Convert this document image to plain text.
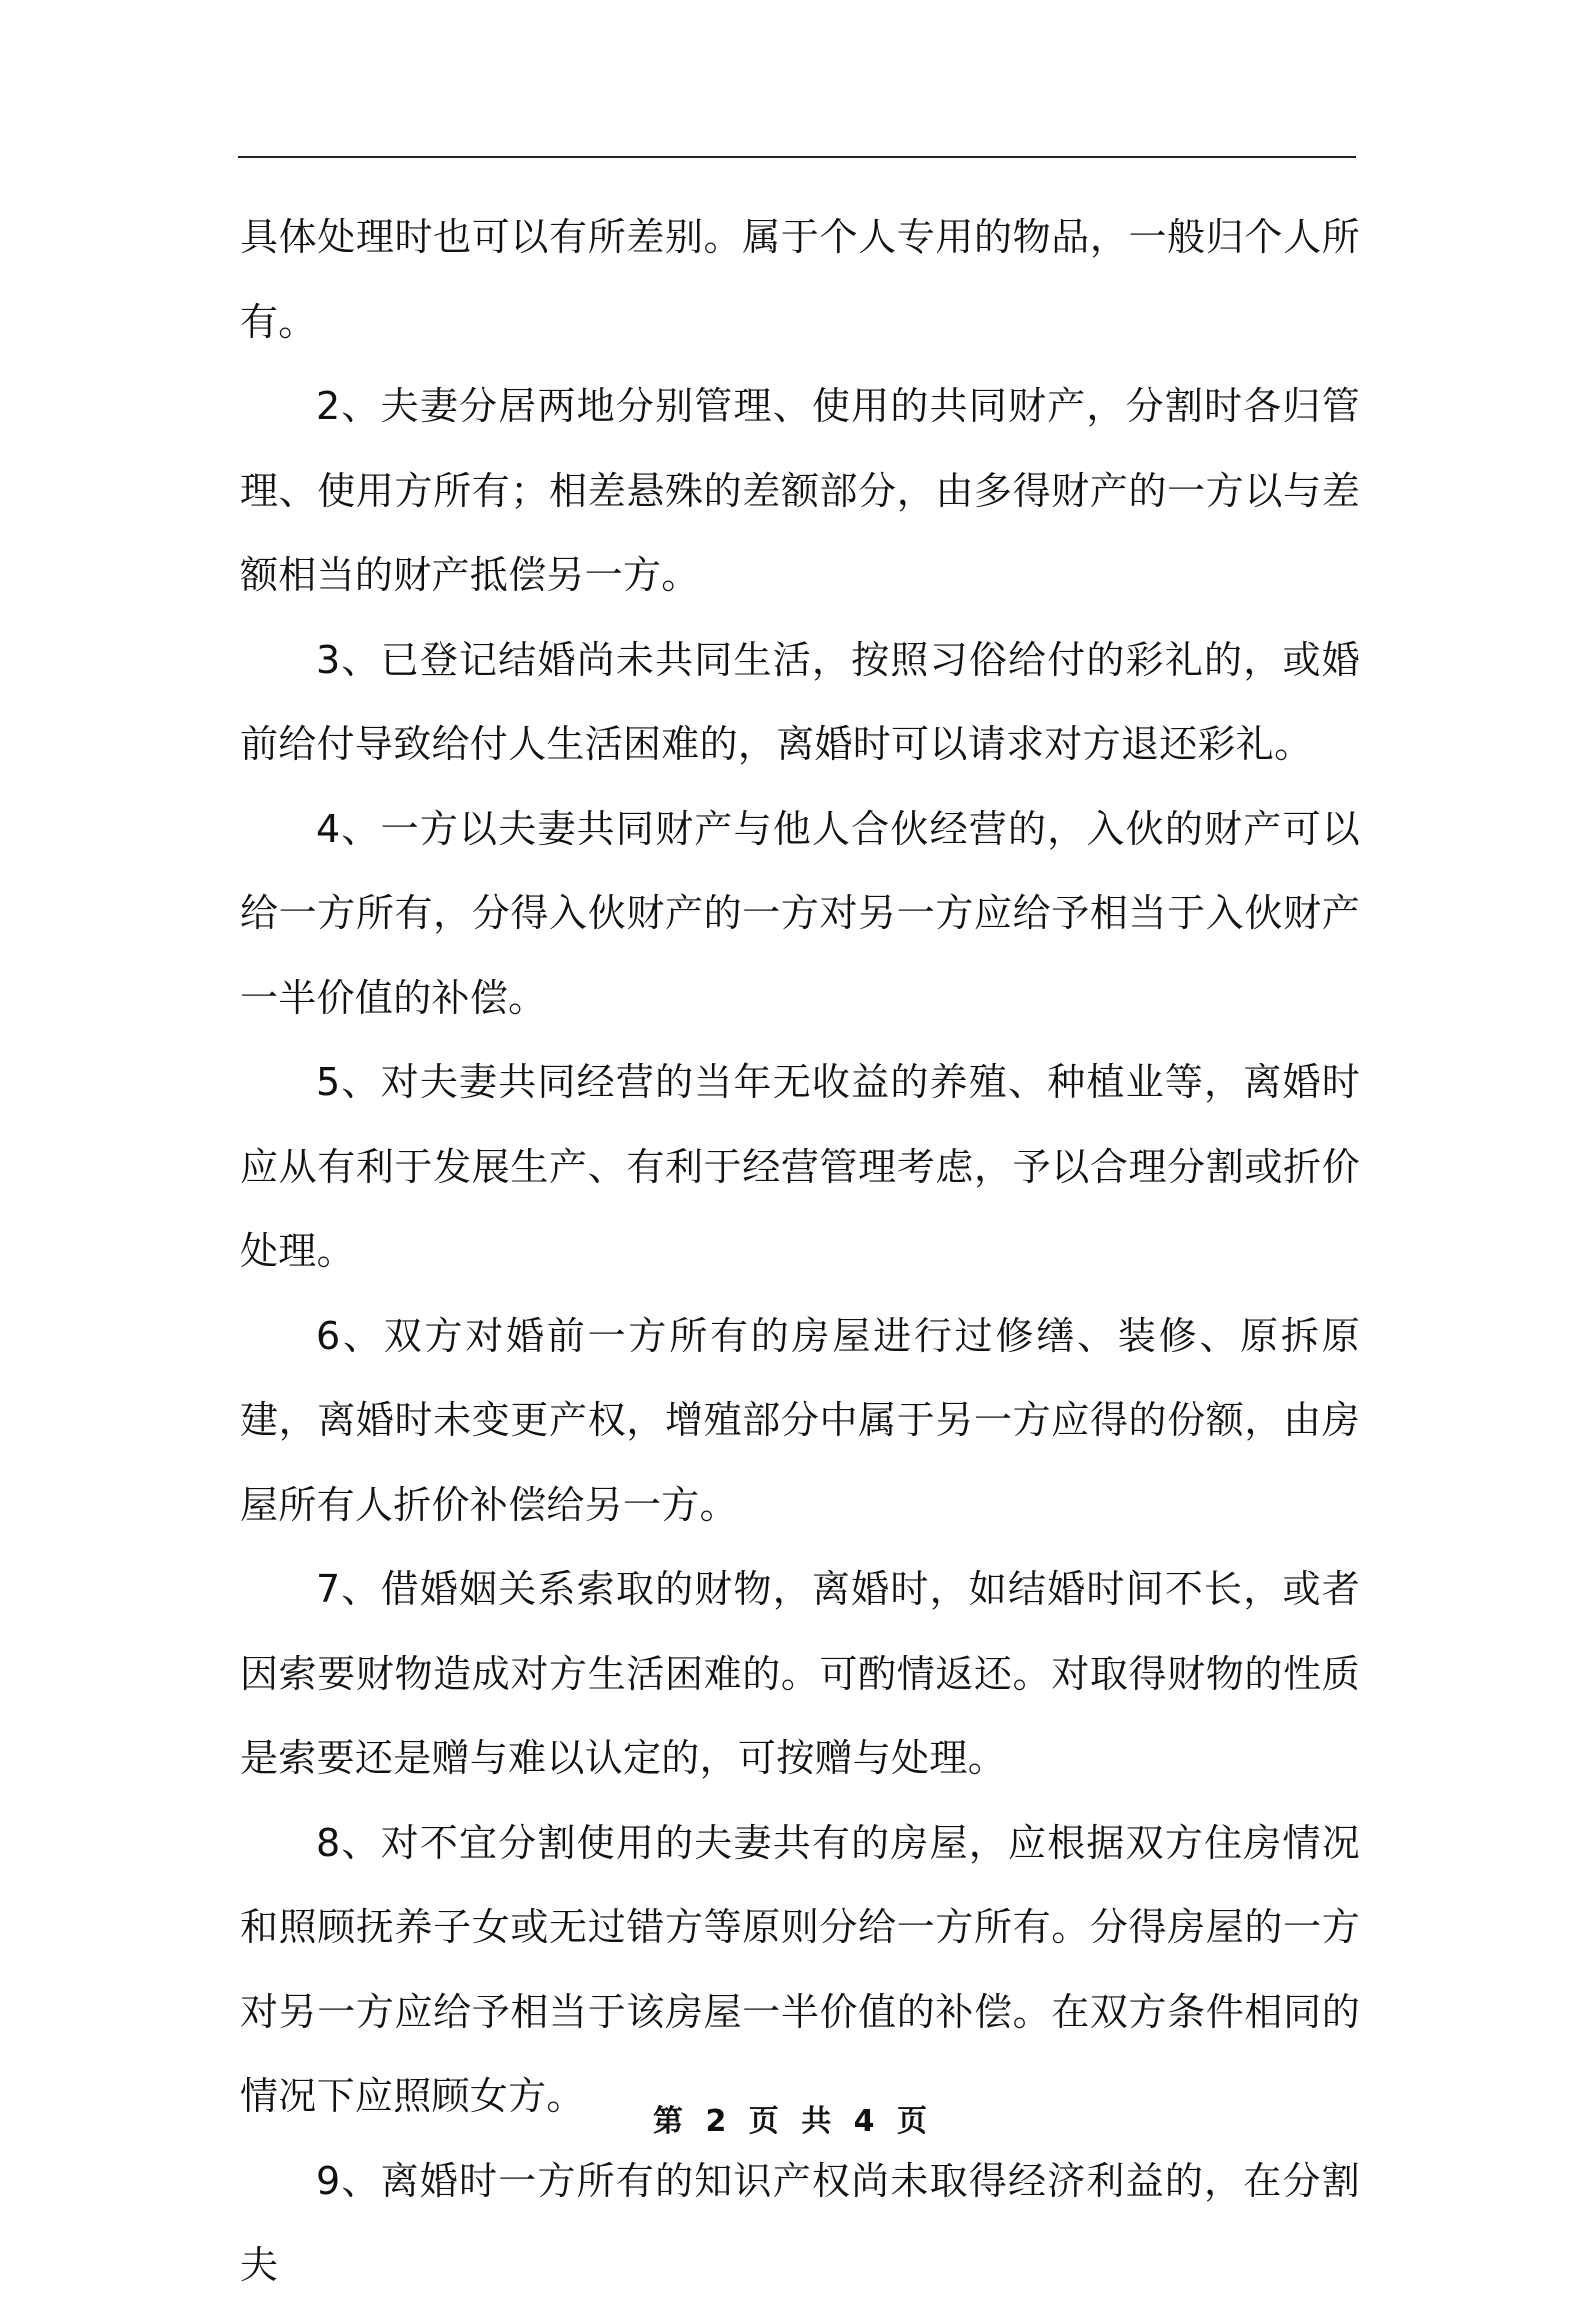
具体处理时也可以有所差别。属于个人专用的物品，一般归个人所有。

2、夫妻分居两地分别管理、使用的共同财产，分割时各归管理、使用方所有；相差悬殊的差额部分，由多得财产的一方以与差额相当的财产抵偿另一方。

3、已登记结婚尚未共同生活，按照习俗给付的彩礼的，或婚前给付导致给付人生活困难的，离婚时可以请求对方退还彩礼。

4、一方以夫妻共同财产与他人合伙经营的，入伙的财产可以给一方所有，分得入伙财产的一方对另一方应给予相当于入伙财产一半价值的补偿。

5、对夫妻共同经营的当年无收益的养殖、种植业等，离婚时应从有利于发展生产、有利于经营管理考虑，予以合理分割或折价处理。

6、双方对婚前一方所有的房屋进行过修缮、装修、原拆原建，离婚时未变更产权，增殖部分中属于另一方应得的份额，由房屋所有人折价补偿给另一方。

7、借婚姻关系索取的财物，离婚时，如结婚时间不长，或者因索要财物造成对方生活困难的。可酌情返还。对取得财物的性质是索要还是赠与难以认定的，可按赠与处理。

8、对不宜分割使用的夫妻共有的房屋，应根据双方住房情况和照顾抚养子女或无过错方等原则分给一方所有。分得房屋的一方对另一方应给予相当于该房屋一半价值的补偿。在双方条件相同的情况下应照顾女方。

9、离婚时一方所有的知识产权尚未取得经济利益的，在分割夫

第 2 页 共 4 页
